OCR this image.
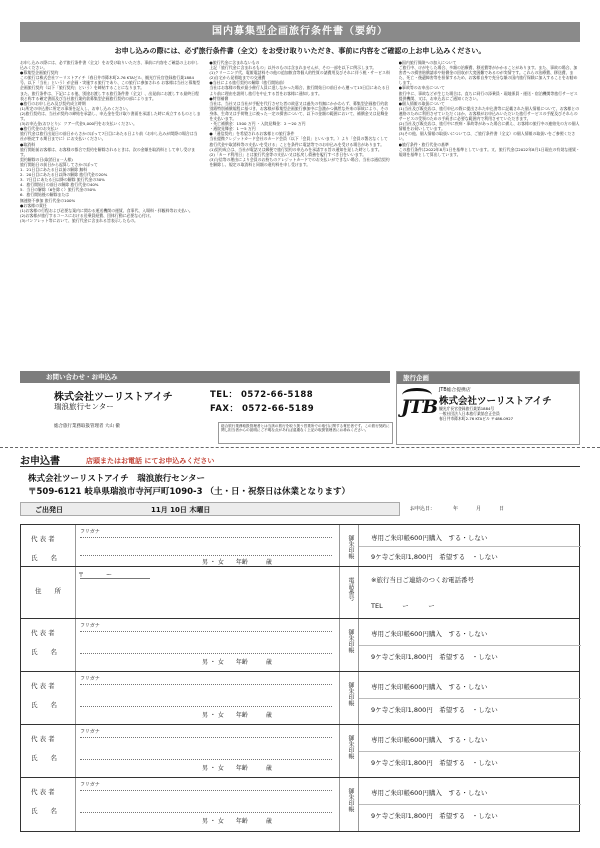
国内募集型企画旅行条件書（要約）
お申し込みの際には、必ず旅行条件書（全文）をお受け取りいただき、事前に内容をご確認の上お申し込みください。

お申し込みの際には、必ず旅行条件書（全文）をお受け取りいただき、事前に内容をご確認の上お申し込みください。

●募集型企画旅行契約

この旅行は株式会社ツーリストアイチ（春日井市篠木町2-76 KTAビル、観光庁長官登録旅行業1884号、以下「当社」という）が企画・実施する旅行であり、この旅行に参加される お客様は当社と募集型企画旅行契約（以下「旅行契約」という）を締結することになります。

また、旅行条件は、下記による他、別途お渡しする旅行条件書（全文）、出発前にお渡しする最終日程表と称する確定書面及び当社旅行業約款募集型企画旅行契約の部によります。

●旅行のお申し込み及び契約成立時期

(1)所定の申込書に所定の事項を記入し、お申し込みください。

(2)旅行契約は、当社が契約の締結を承諾し、申込金を受け取り書面を承諾した時に成立するものとします。

(3)お申込金(おひとり)：ツアー代金5,000円をお支払いください。

●旅行代金のお支払い

旅行代金は旅行出発日の前日からさかのぼって7日目にあたる日より前（お申し込みが間際の場合は当社が指定する期日までに）にお支払いください。

●取消料

旅行開始前お客様は、お客様の都合で契約を解除されるときは、次の金額を取消料として申し受けます。

契約解除の日(取消日)(一人様)

旅行開始日の前日から起算してさかのぼって

1．21日目にあたる日以前の解除 無料

2．20日目にあたる日以降の解除 旅行代金の20%

3．7日目にあたる日以降の解除 旅行代金の30%

4．旅行開始日の前日の解除 旅行代金の40%

5．当日の解除（6を除く）旅行代金の50%

6．旅行開始後の解除または

無連絡不参加 旅行代金の100%

●お客様の責任

(1)お客様の行程および必要な案内に関わる運送機関の運賃、食事代、入場料・拝観料等お支払い。

(2)お客様が旅行するコースにおける送乗員経費、団体行動に必要な心付け。

(3)パンフレット等において、旅行代金に含まれる旨表示したもの。

●旅行代金に含まれないもの

上記「旅行代金に含まれるもの」以外のものは含まれませんが、その一部を以下に例示します。

(1)クリーニング代、電報電話料その他の追加飲食等個人的性質の諸費用及びそれに伴う税・サービス料

(2)自宅から発着地までの交通費

●当社による旅行契約の解除（旅行開始前）

当社はお客様の数が最小催行人員に達しなかった場合、旅行開始日の前日から遡って13日目にあたる日より前に理由を説明し旅行を中止する旨をお客様に通知します。

●特別補償

当社は、当社又は当社が手配を代行させた者の故意又は過失の有無にかかわらず、募集型企画旅行約款別紙特別補償規程に基づき、お客様が募集型企画旅行参加中に急激かつ偶然な外来の事故により、その身体、生命又は手荷物上に被った一定の損害について、以下の金額の範囲において、補償金又は見舞金を支払います。

・死亡補償金：1500 万円 ・入院見舞金：2 〜20 万円

・通院見舞金：1 〜5 万円

●「通信契約」を希望されるお客様との旅行条件

当社提携クレジットカード会社のカード会員（以下「会員」といいます。）より「会員の署名なくして旅行代金や取消料等の支払いを受ける」ことを条件に電話等でのお申込みを受ける場合があります。

(1)契約成立は、当社が電話又は郵便で旅行契約の申込みを承諾する旨の通知を発した時とします。

(2)「カード利用日」とは旅行代金等の支払い又は払戻し債務を履行すべき日をいいます。

(3)与信等の理由により会員のお持ちのクレジットカードでのお支払いができない場合、当社は通信契約を解除し、規定の取消料と同額の違約料を申し受けます。

●国内旅行保険への加入について

ご旅行中、けがをした場合、多額の治療費、移送費等がかかることがあります。また、事故の場合、加害者への損害賠償請求や賠償金の回収が大変困難であるのが実情です。これらの治療費、移送費、また、死亡・後遺障害等を担保するため、お客様自身で充分な額の国内旅行保険に加入することをお勧めします。

●事故等のお申出について

旅行中に、事故などが生じた場合は、直ちに同行の添乗員・現地係員・運送・宿泊機関等旅行サービス提供機関、又は、お申込店にご通知ください。

●個人情報の取扱について

(1)当社及び販売店は、旅行申込の際に提出された申込書等に記載された個人情報について、お客様との連絡のために利用させていただくほか、お客様がお申込みいただいた旅行サービスの手配及びそれらのサービスの受領のための手続きに必要な範囲内で利用させていただきます。

(2)当社及び販売店は、旅行中に疾病・事故等があった場合に備え、お客様の旅行中の連絡先の方の個人情報をお伺いしています。

(3)その他、個人情報の取扱いについては、ご旅行条件書（全文）の個人情報の取扱いをご参照ください。

●旅行条件・旅行代金の基準

この旅行条件は2022年8月1日を基準としています。又、旅行代金は2022年8月1日現在の有効な運賃・規則を基準として算出しています。

お問い合わせ・お申込み
株式会社ツーリストアイチ
瑞浪旅行センター
TEL： 0572-66-5188
FAX： 0572-66-5189
総合旅行業務取扱管理者 大山 徹	総合旅行業務取扱管理者とは当該の旅行を取り扱う営業所での取引に関する責任者です。この旅行契約に関し担当者からの説明にご不明な点があれば遠慮なく上記の取扱管理者にお尋ねください。
旅行企画
JTB
JTB総合提携店
株式会社ツーリストアイチ
観光庁長官登録旅行業第1884号
一般社団法人日本旅行業協会正会員
春日井市篠木町2-76 KTAビル 〒486-0927
お申込書	店頭またはお電話 にてお申込みください
株式会社ツーリストアイチ　瑞浪旅行センター
〒509-6121 岐阜県瑞浪市寺河戸町1090-3 （土・日・祝祭日は休業となります）
ご出発日	11月 10日 木曜日	お申込日：	年	月	日
代 表 者
氏　　名
フリガナ
男 ・ 女　　年齢　　　歳
御朱印帳	専用ご朱印帳600円購入　する・しない
9ケ寺ご朱印1,800円　希望する　・しない
住　　所
〒	ー
電話番号	※旅行当日ご連絡のつくお電話番号
TEL　　　ー　　　ー
代 表 者
氏　　名
フリガナ
男 ・ 女　　年齢　　　歳
御朱印帳	専用ご朱印帳600円購入　する・しない
9ケ寺ご朱印1,800円　希望する　・しない
代 表 者
氏　　名
フリガナ
男 ・ 女　　年齢　　　歳
御朱印帳	専用ご朱印帳600円購入　する・しない
9ケ寺ご朱印1,800円　希望する　・しない
代 表 者
氏　　名
フリガナ
男 ・ 女　　年齢　　　歳
御朱印帳	専用ご朱印帳600円購入　する・しない
9ケ寺ご朱印1,800円　希望する　・しない
代 表 者
氏　　名
フリガナ
男 ・ 女　　年齢　　　歳
御朱印帳	専用ご朱印帳600円購入　する・しない
9ケ寺ご朱印1,800円　希望する　・しない
